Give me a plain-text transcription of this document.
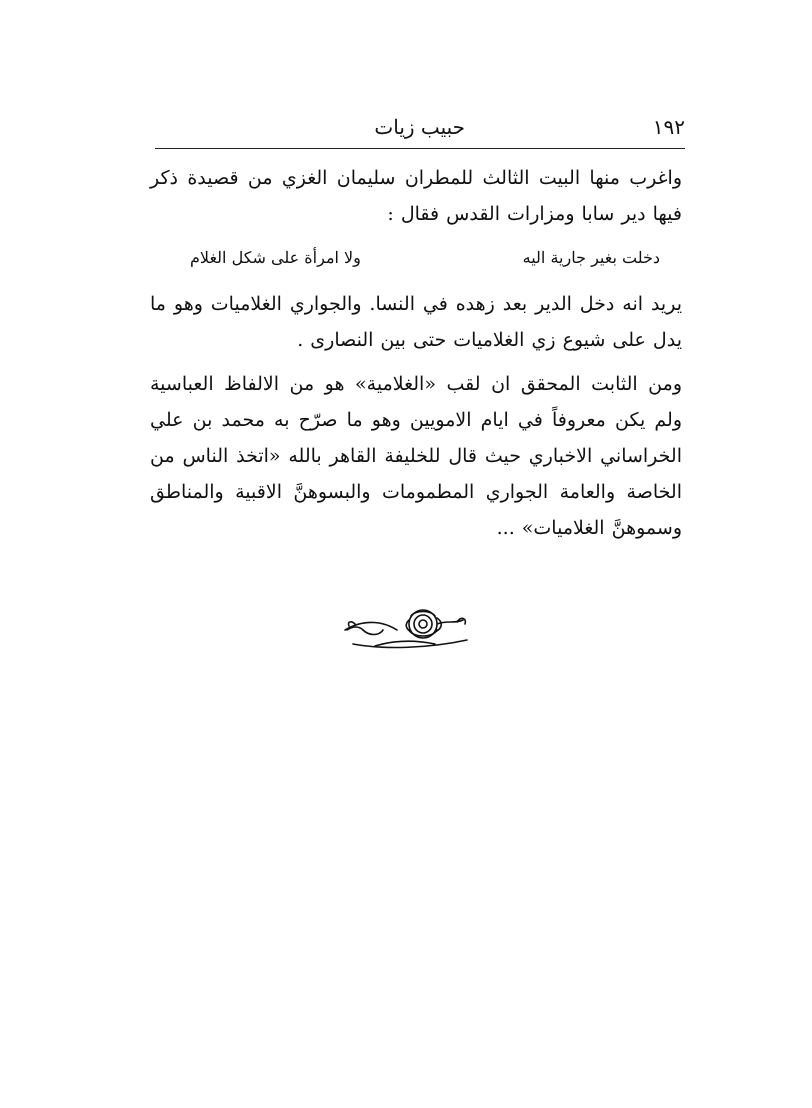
١٩٢
حبيب زيات

واغرب منها البيت الثالث للمطران سليمان الغزي من قصيدة ذكر فيها دير سابا ومزارات القدس فقال :

دخلت بغير جارية اليه
ولا امرأة على شكل الغلام

يريد انه دخل الدير بعد زهده في النسا. والجواري الغلاميات وهو ما يدل على شيوع زي الغلاميات حتى بين النصارى .

ومن الثابت المحقق ان لقب «الغلامية» هو من الالفاظ العباسية ولم يكن معروفاً في ايام الامويين وهو ما صرّح به محمد بن علي الخراساني الاخباري حيث قال للخليفة القاهر بالله «اتخذ الناس من الخاصة والعامة الجواري المطمومات والبسوهنَّ الاقبية والمناطق وسموهنَّ الغلاميات» ...
